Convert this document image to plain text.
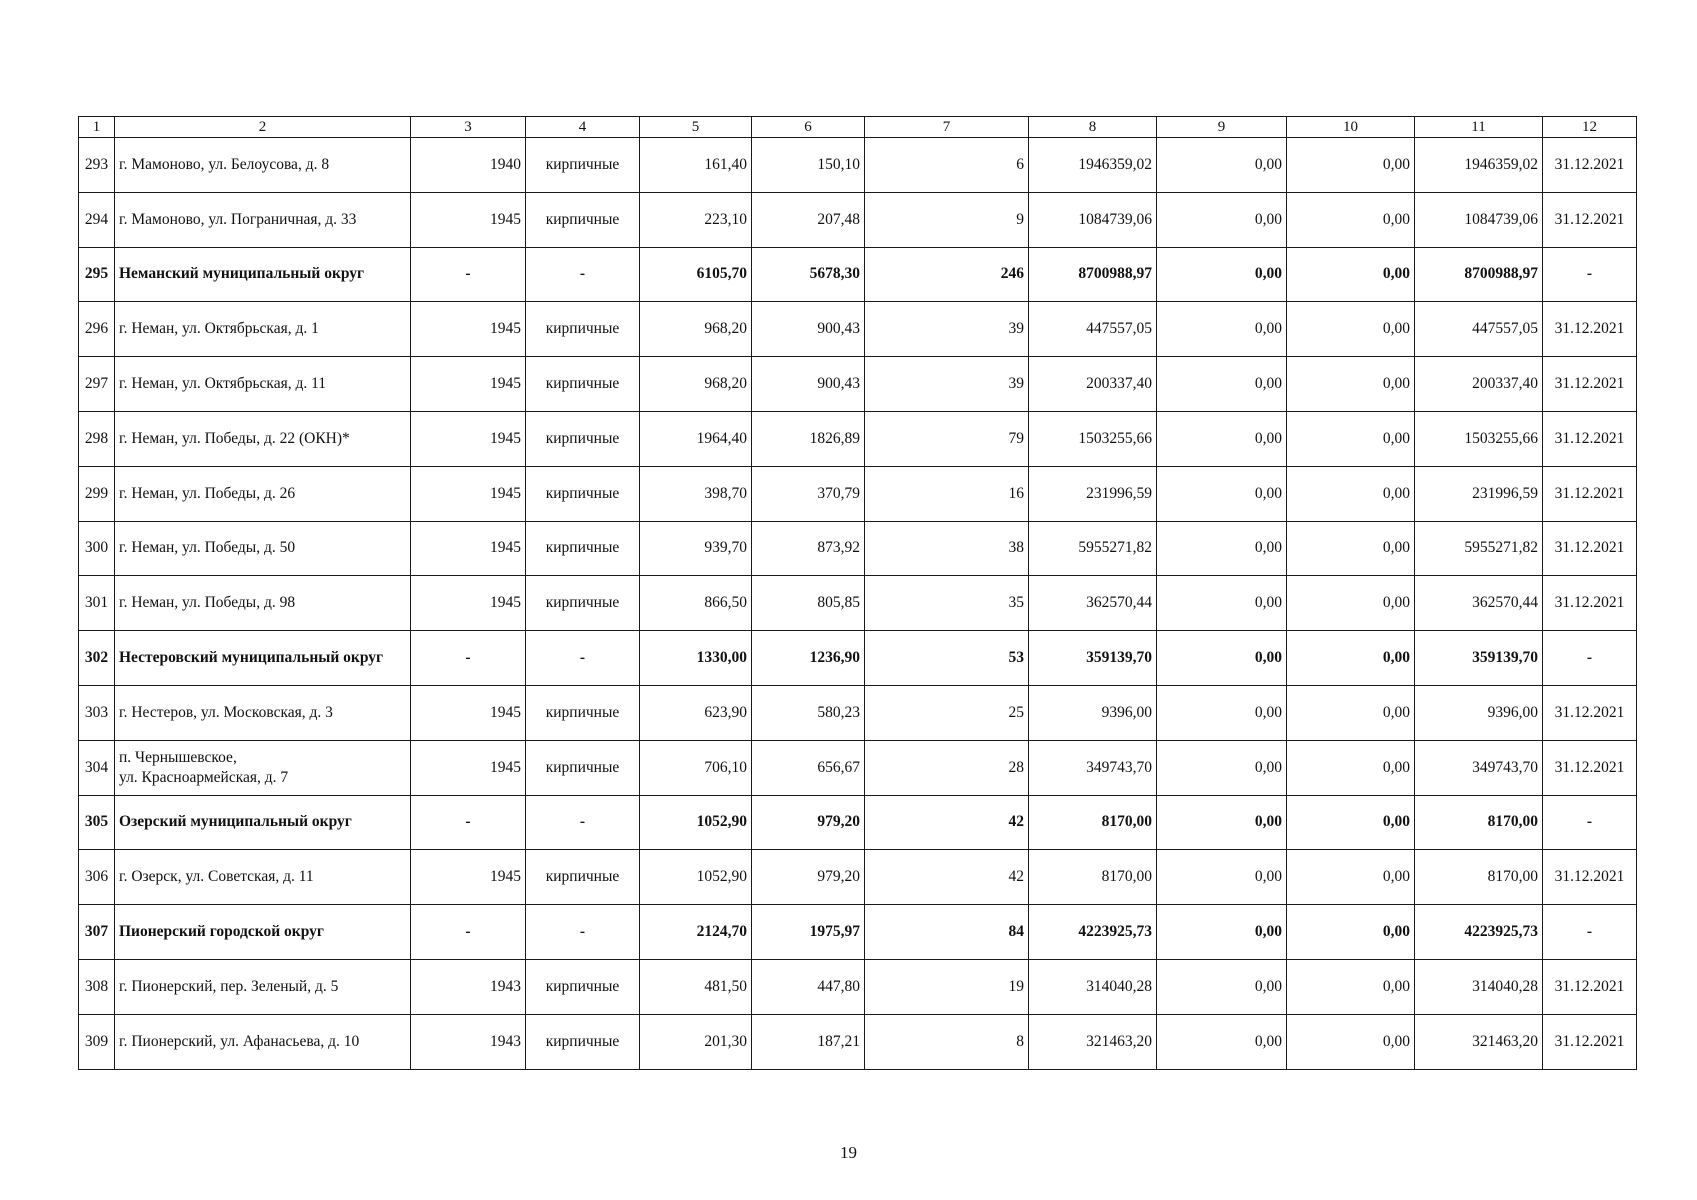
1	2	3	4	5	6	7	8	9	10	11	12
293	г. Мамоново, ул. Белоусова, д. 8	1940	кирпичные	161,40	150,10	6	1946359,02	0,00	0,00	1946359,02	31.12.2021
294	г. Мамоново, ул. Пограничная, д. 33	1945	кирпичные	223,10	207,48	9	1084739,06	0,00	0,00	1084739,06	31.12.2021
295	Неманский муниципальный округ	-	-	6105,70	5678,30	246	8700988,97	0,00	0,00	8700988,97	-
296	г. Неман, ул. Октябрьская, д. 1	1945	кирпичные	968,20	900,43	39	447557,05	0,00	0,00	447557,05	31.12.2021
297	г. Неман, ул. Октябрьская, д. 11	1945	кирпичные	968,20	900,43	39	200337,40	0,00	0,00	200337,40	31.12.2021
298	г. Неман, ул. Победы, д. 22 (ОКН)*	1945	кирпичные	1964,40	1826,89	79	1503255,66	0,00	0,00	1503255,66	31.12.2021
299	г. Неман, ул. Победы, д. 26	1945	кирпичные	398,70	370,79	16	231996,59	0,00	0,00	231996,59	31.12.2021
300	г. Неман, ул. Победы, д. 50	1945	кирпичные	939,70	873,92	38	5955271,82	0,00	0,00	5955271,82	31.12.2021
301	г. Неман, ул. Победы, д. 98	1945	кирпичные	866,50	805,85	35	362570,44	0,00	0,00	362570,44	31.12.2021
302	Нестеровский муниципальный округ	-	-	1330,00	1236,90	53	359139,70	0,00	0,00	359139,70	-
303	г. Нестеров, ул. Московская, д. 3	1945	кирпичные	623,90	580,23	25	9396,00	0,00	0,00	9396,00	31.12.2021
304	п. Чернышевское,
ул. Красноармейская, д. 7	1945	кирпичные	706,10	656,67	28	349743,70	0,00	0,00	349743,70	31.12.2021
305	Озерский муниципальный округ	-	-	1052,90	979,20	42	8170,00	0,00	0,00	8170,00	-
306	г. Озерск, ул. Советская, д. 11	1945	кирпичные	1052,90	979,20	42	8170,00	0,00	0,00	8170,00	31.12.2021
307	Пионерский городской округ	-	-	2124,70	1975,97	84	4223925,73	0,00	0,00	4223925,73	-
308	г. Пионерский, пер. Зеленый, д. 5	1943	кирпичные	481,50	447,80	19	314040,28	0,00	0,00	314040,28	31.12.2021
309	г. Пионерский, ул. Афанасьева, д. 10	1943	кирпичные	201,30	187,21	8	321463,20	0,00	0,00	321463,20	31.12.2021
19
